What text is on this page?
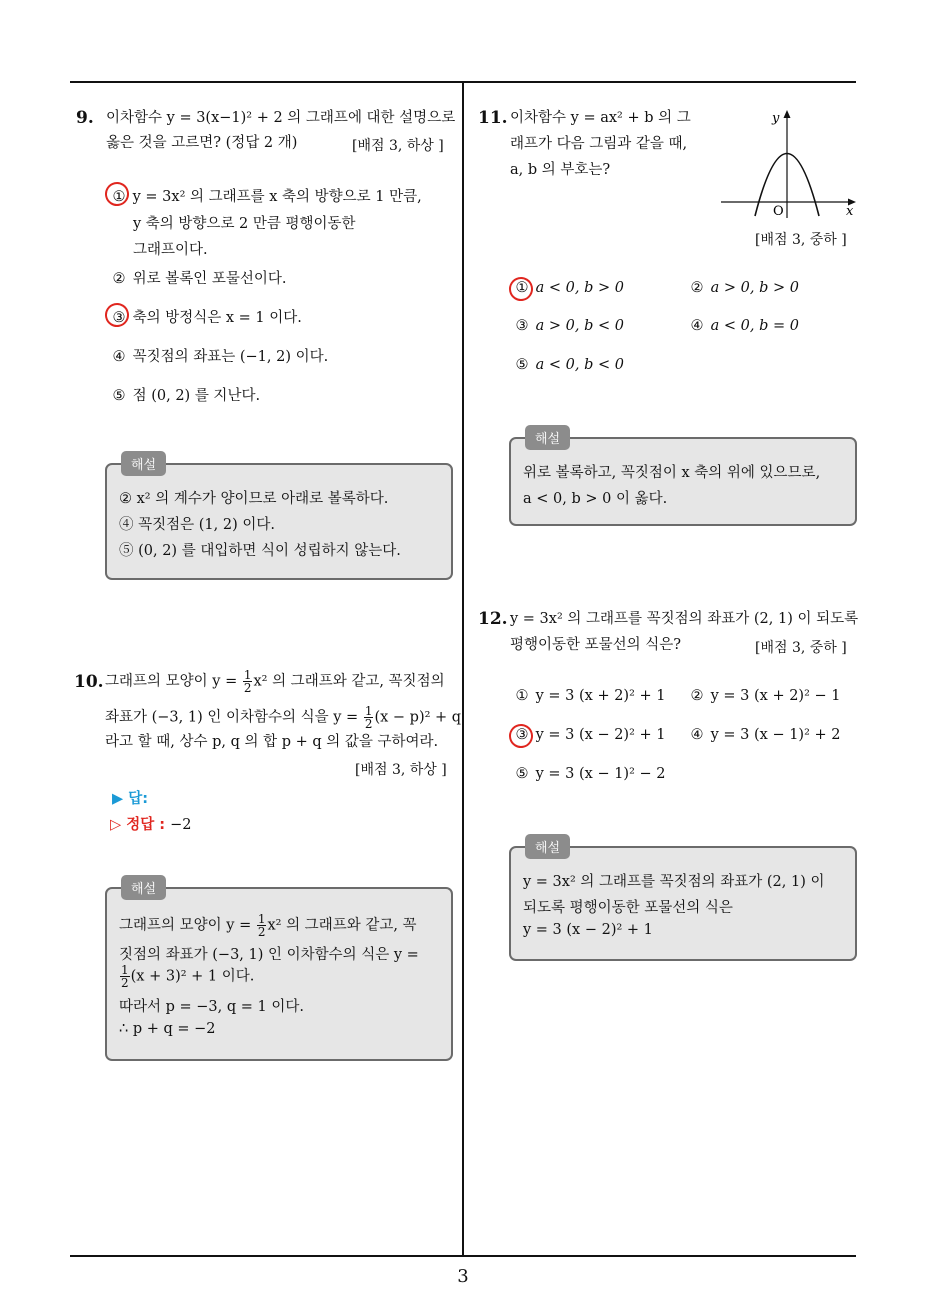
9. 이차함수 y = 3(x−1)² + 2 의 그래프에 대한 설명으로
옳은 것을 고르면? (정답 2 개)	[배점 3, 하상 ]
① y = 3x² 의 그래프를 x 축의 방향으로 1 만큼,
y 축의 방향으로 2 만큼 평행이동한
그래프이다.
② 위로 볼록인 포물선이다.
③ 축의 방정식은 x = 1 이다.
④ 꼭짓점의 좌표는 (−1, 2) 이다.
⑤ 점 (0, 2) 를 지난다.
해설
② x² 의 계수가 양이므로 아래로 볼록하다.
④ 꼭짓점은 (1, 2) 이다.
⑤ (0, 2) 를 대입하면 식이 성립하지 않는다.
10. 그래프의 모양이 $y = \frac{1}{2} x^2$ 의 그래프와 같고, 꼭짓점의
좌표가 (−3, 1) 인 이차함수의 식을 $y = \frac{1}{2} (x - p)^2 + q$
라고 할 때, 상수 p, q 의 합 p + q 의 값을 구하여라.
[배점 3, 하상 ]
▶ 답:
▷ 정답 : −2
해설
그래프의 모양이 $y = \frac{1}{2} x^2$ 의 그래프와 같고, 꼭
짓점의 좌표가 (−3, 1) 인 이차함수의 식은 y =
$\frac{1}{2} (x + 3)^2 + 1$ 이다.
따라서 p = −3, q = 1 이다.
∴ p + q = −2
11. 이차함수 y = ax² + b 의 그
래프가 다음 그림과 같을 때,
a, b 의 부호는?
y
x
O
[배점 3, 중하 ]
① a < 0, b > 0	② a > 0, b > 0
③ a > 0, b < 0	④ a < 0, b = 0
⑤ a < 0, b < 0
해설
위로 볼록하고, 꼭짓점이 x 축의 위에 있으므로,
a < 0, b > 0 이 옳다.
12. y = 3x² 의 그래프를 꼭짓점의 좌표가 (2, 1) 이 되도록
평행이동한 포물선의 식은?	[배점 3, 중하 ]
① y = 3 (x + 2)² + 1 ② y = 3 (x + 2)² − 1
③ y = 3 (x − 2)² + 1 ④ y = 3 (x − 1)² + 2
⑤ y = 3 (x − 1)² − 2
해설
y = 3x² 의 그래프를 꼭짓점의 좌표가 (2, 1) 이
되도록 평행이동한 포물선의 식은
y = 3 (x − 2)² + 1
3
